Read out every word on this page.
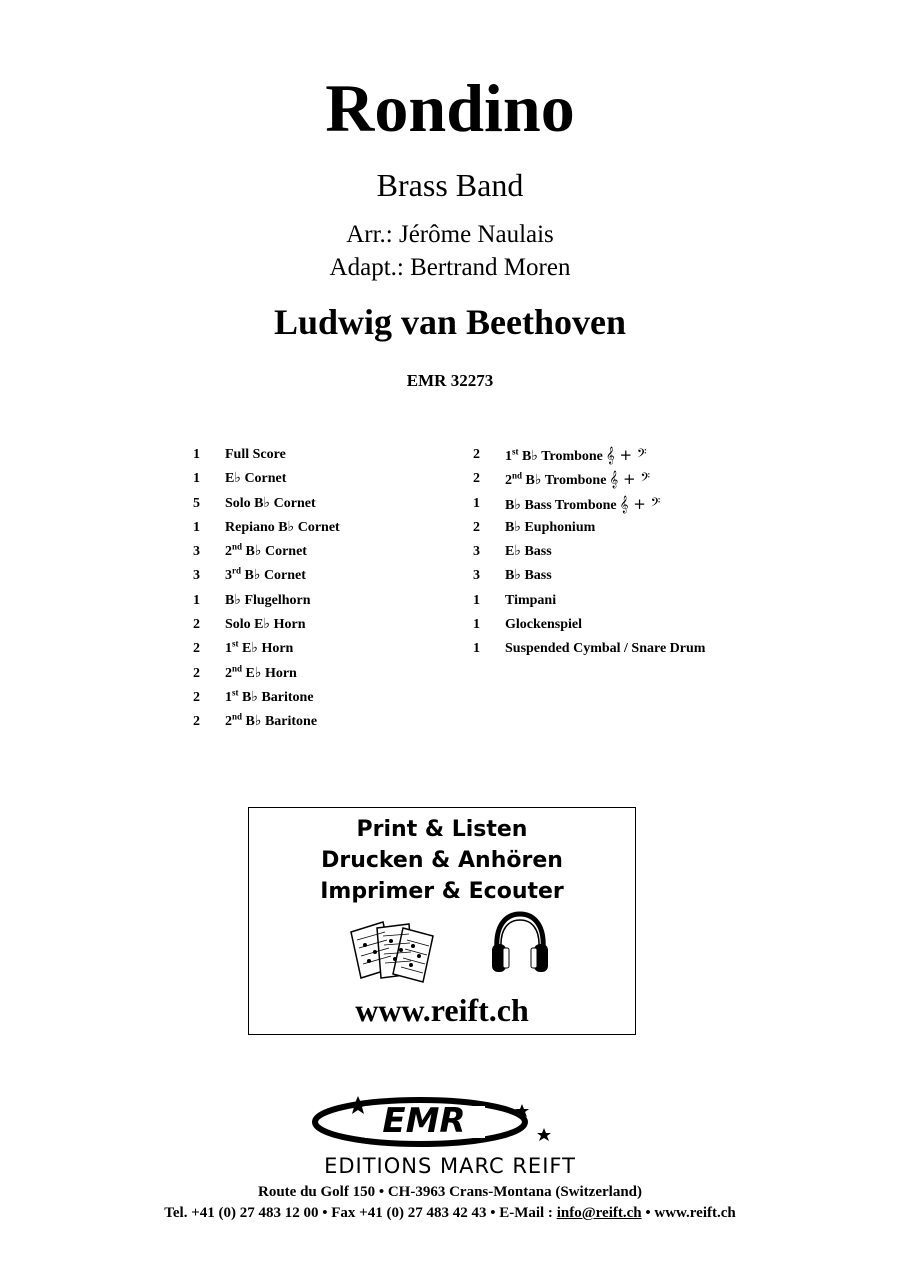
Rondino
Brass Band
Arr.: Jérôme Naulais
Adapt.: Bertrand Moren
Ludwig van Beethoven
EMR 32273
1	Full Score
1	E♭ Cornet
5	Solo B♭ Cornet
1	Repiano B♭ Cornet
3	2nd B♭ Cornet
3	3rd B♭ Cornet
1	B♭ Flugelhorn
2	Solo E♭ Horn
2	1st E♭ Horn
2	2nd E♭ Horn
2	1st B♭ Baritone
2	2nd B♭ Baritone
2	1st B♭ Trombone 𝄞 + 𝄢
2	2nd B♭ Trombone 𝄞 + 𝄢
1	B♭ Bass Trombone 𝄞 + 𝄢
2	B♭ Euphonium
3	E♭ Bass
3	B♭ Bass
1	Timpani
1	Glockenspiel
1	Suspended Cymbal / Snare Drum
Print & Listen
Drucken & Anhören
Imprimer & Ecouter
www.reift.ch
EMR
EDITIONS MARC REIFT
Route du Golf 150 • CH-3963 Crans-Montana (Switzerland)
Tel. +41 (0) 27 483 12 00 • Fax +41 (0) 27 483 42 43 • E-Mail : info@reift.ch • www.reift.ch
